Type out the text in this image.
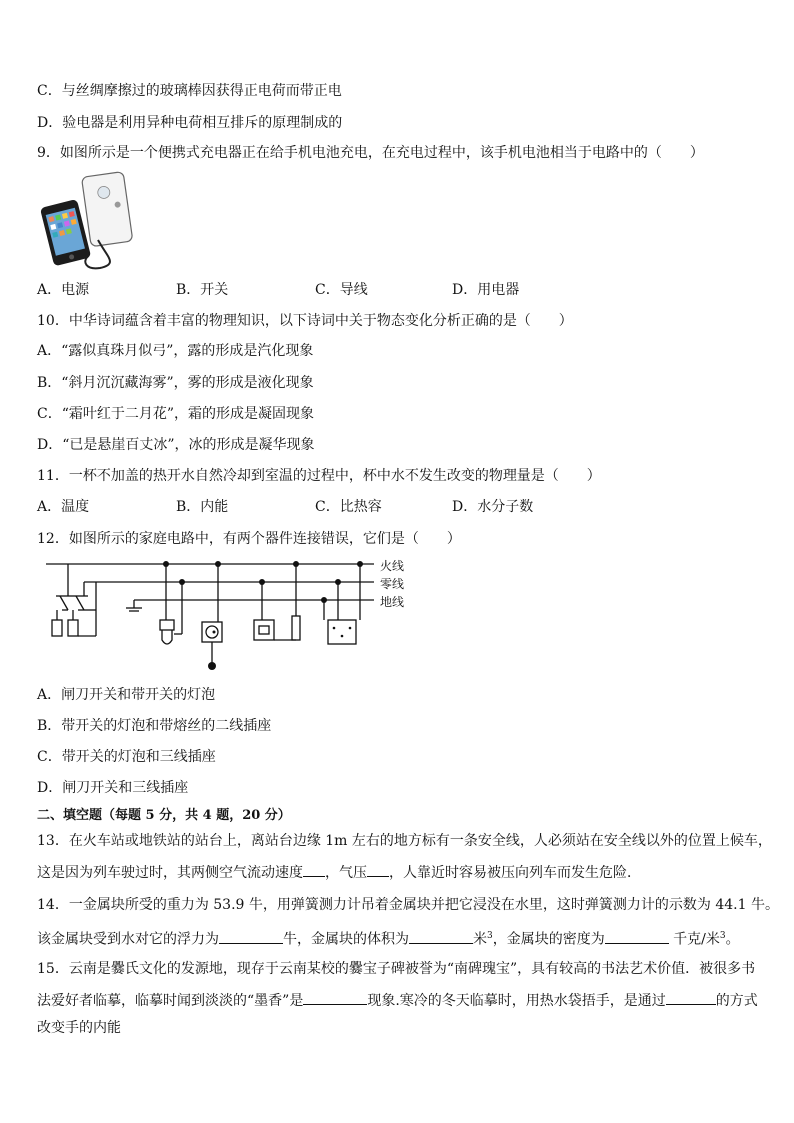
C．与丝绸摩擦过的玻璃棒因获得正电荷而带正电
D．验电器是利用异种电荷相互排斥的原理制成的
9．如图所示是一个便携式充电器正在给手机电池充电，在充电过程中，该手机电池相当于电路中的（　　）
A．电源	B．开关	C．导线	D．用电器
10．中华诗词蕴含着丰富的物理知识，以下诗词中关于物态变化分析正确的是（　　）
A．“露似真珠月似弓”，露的形成是汽化现象
B．“斜月沉沉藏海雾”，雾的形成是液化现象
C．“霜叶红于二月花”，霜的形成是凝固现象
D．“已是悬崖百丈冰”，冰的形成是凝华现象
11．一杯不加盖的热开水自然冷却到室温的过程中，杯中水不发生改变的物理量是（　　）
A．温度	B．内能	C．比热容	D．水分子数
12．如图所示的家庭电路中，有两个器件连接错误，它们是（　　）
火线
零线
地线
A．闸刀开关和带开关的灯泡
B．带开关的灯泡和带熔丝的二线插座
C．带开关的灯泡和三线插座
D．闸刀开关和三线插座
二、填空题（每题 5 分，共 4 题，20 分）
13．在火车站或地铁站的站台上，离站台边缘 1m 左右的地方标有一条安全线，人必须站在安全线以外的位置上候车，
这是因为列车驶过时，其两侧空气流动速度 ，气压 ，人靠近时容易被压向列车而发生危险．
14．一金属块所受的重力为 53.9 牛，用弹簧测力计吊着金属块并把它浸没在水里，这时弹簧测力计的示数为 44.1 牛。
该金属块受到水对它的浮力为	牛，金属块的体积为	米$^3$，金属块的密度为	千克/米$^3$。
15．云南是爨氏文化的发源地，现存于云南某校的爨宝子碑被誉为“南碑瑰宝”，具有较高的书法艺术价值．被很多书
法爱好者临摹，临摹时闻到淡淡的“墨香”是	现象.寒冷的冬天临摹时，用热水袋捂手，是通过	的方式
改变手的内能
